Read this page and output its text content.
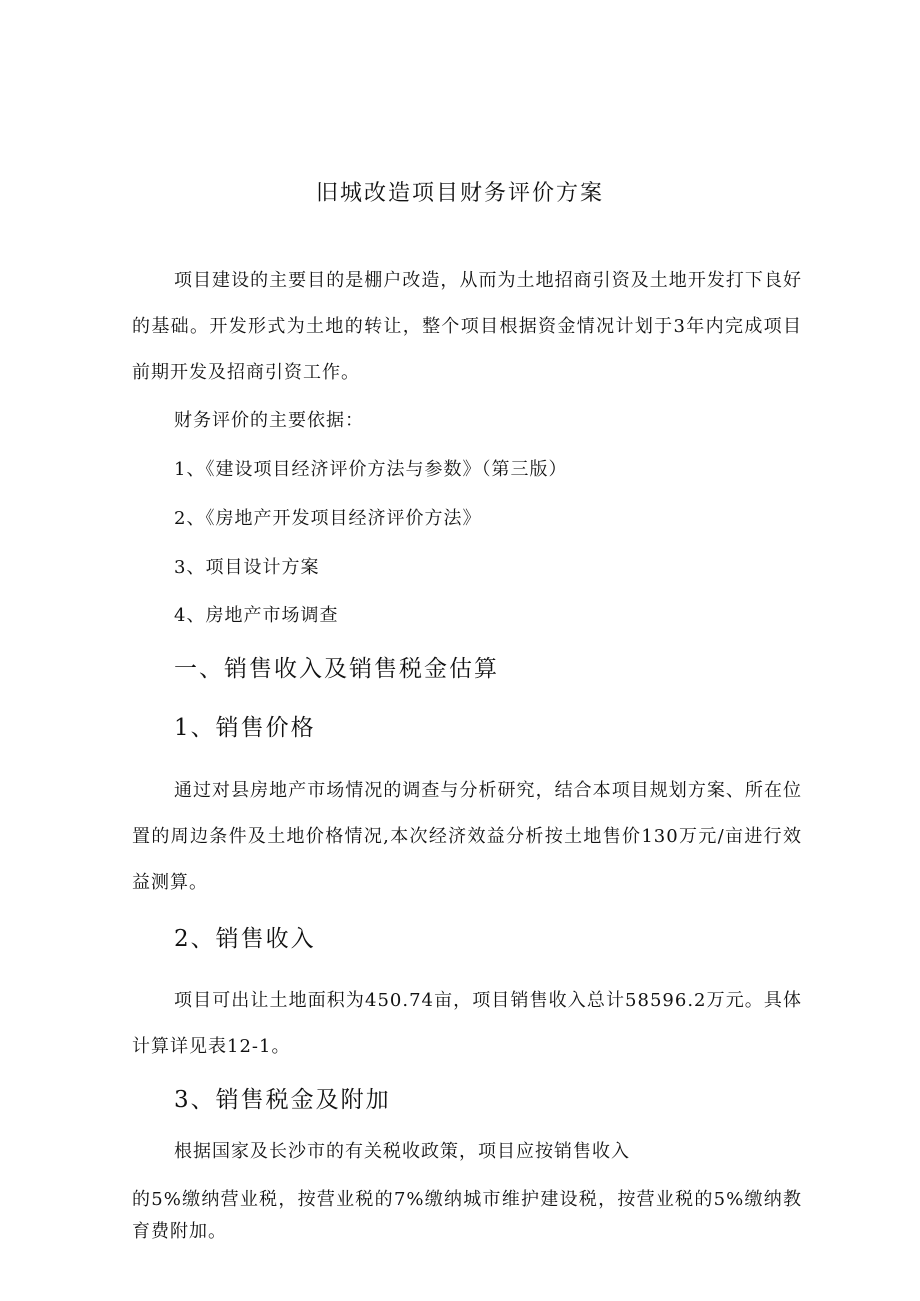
旧城改造项目财务评价方案
项目建设的主要目的是棚户改造，从而为土地招商引资及土地开发打下良好的基础。开发形式为土地的转让，整个项目根据资金情况计划于3年内完成项目前期开发及招商引资工作。
财务评价的主要依据：
1、《建设项目经济评价方法与参数》（第三版）
2、《房地产开发项目经济评价方法》
3、项目设计方案
4、房地产市场调查
一、销售收入及销售税金估算
1、销售价格
通过对县房地产市场情况的调查与分析研究，结合本项目规划方案、所在位置的周边条件及土地价格情况,本次经济效益分析按土地售价130万元/亩进行效益测算。
2、销售收入
项目可出让土地面积为450.74亩，项目销售收入总计58596.2万元。具体计算详见表12-1。
3、销售税金及附加
根据国家及长沙市的有关税收政策，项目应按销售收入
的5%缴纳营业税，按营业税的7%缴纳城市维护建设税，按营业税的5%缴纳教育费附加。
